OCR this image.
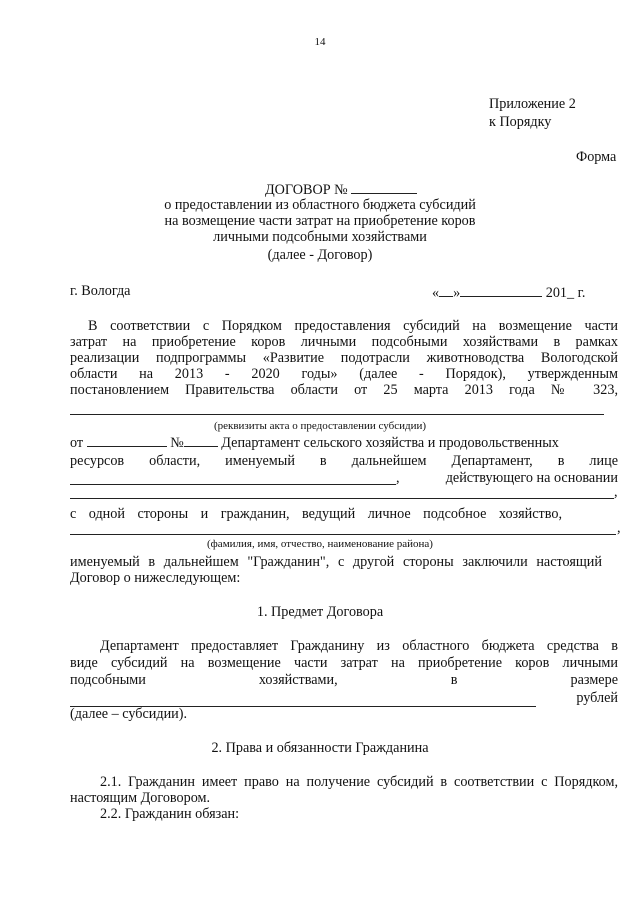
14
Приложение 2
к Порядку
Форма
ДОГОВОР №
о предоставлении из областного бюджета субсидий
на возмещение части затрат на приобретение коров
личными подсобными хозяйствами
(далее - Договор)
г. Вологда	« »	201_ г.
В соответствии с Порядком предоставления субсидий на возмещение части
затрат на приобретение коров личными подсобными хозяйствами в рамках
реализации подпрограммы «Развитие подотрасли животноводства Вологодской
области на 2013 - 2020 годы» (далее - Порядок), утвержденным
постановлением Правительства области от 25 марта 2013 года № 323,
(реквизиты акта о предоставлении субсидии)
от	№	Департамент сельского хозяйства и продовольственных
ресурсов области, именуемый в дальнейшем Департамент, в лице
,	действующего на основании
,
с одной стороны и гражданин, ведущий личное подсобное хозяйство,
,
(фамилия, имя, отчество, наименование района)
именуемый в дальнейшем "Гражданин", с другой стороны заключили настоящий
Договор о нижеследующем:
1. Предмет Договора
Департамент предоставляет Гражданину из областного бюджета средства в
виде субсидий на возмещение части затрат на приобретение коров личными
подсобными хозяйствами, в размере
рублей
(далее – субсидии).
2. Права и обязанности Гражданина
2.1. Гражданин имеет право на получение субсидий в соответствии с Порядком,
настоящим Договором.
2.2. Гражданин обязан:
